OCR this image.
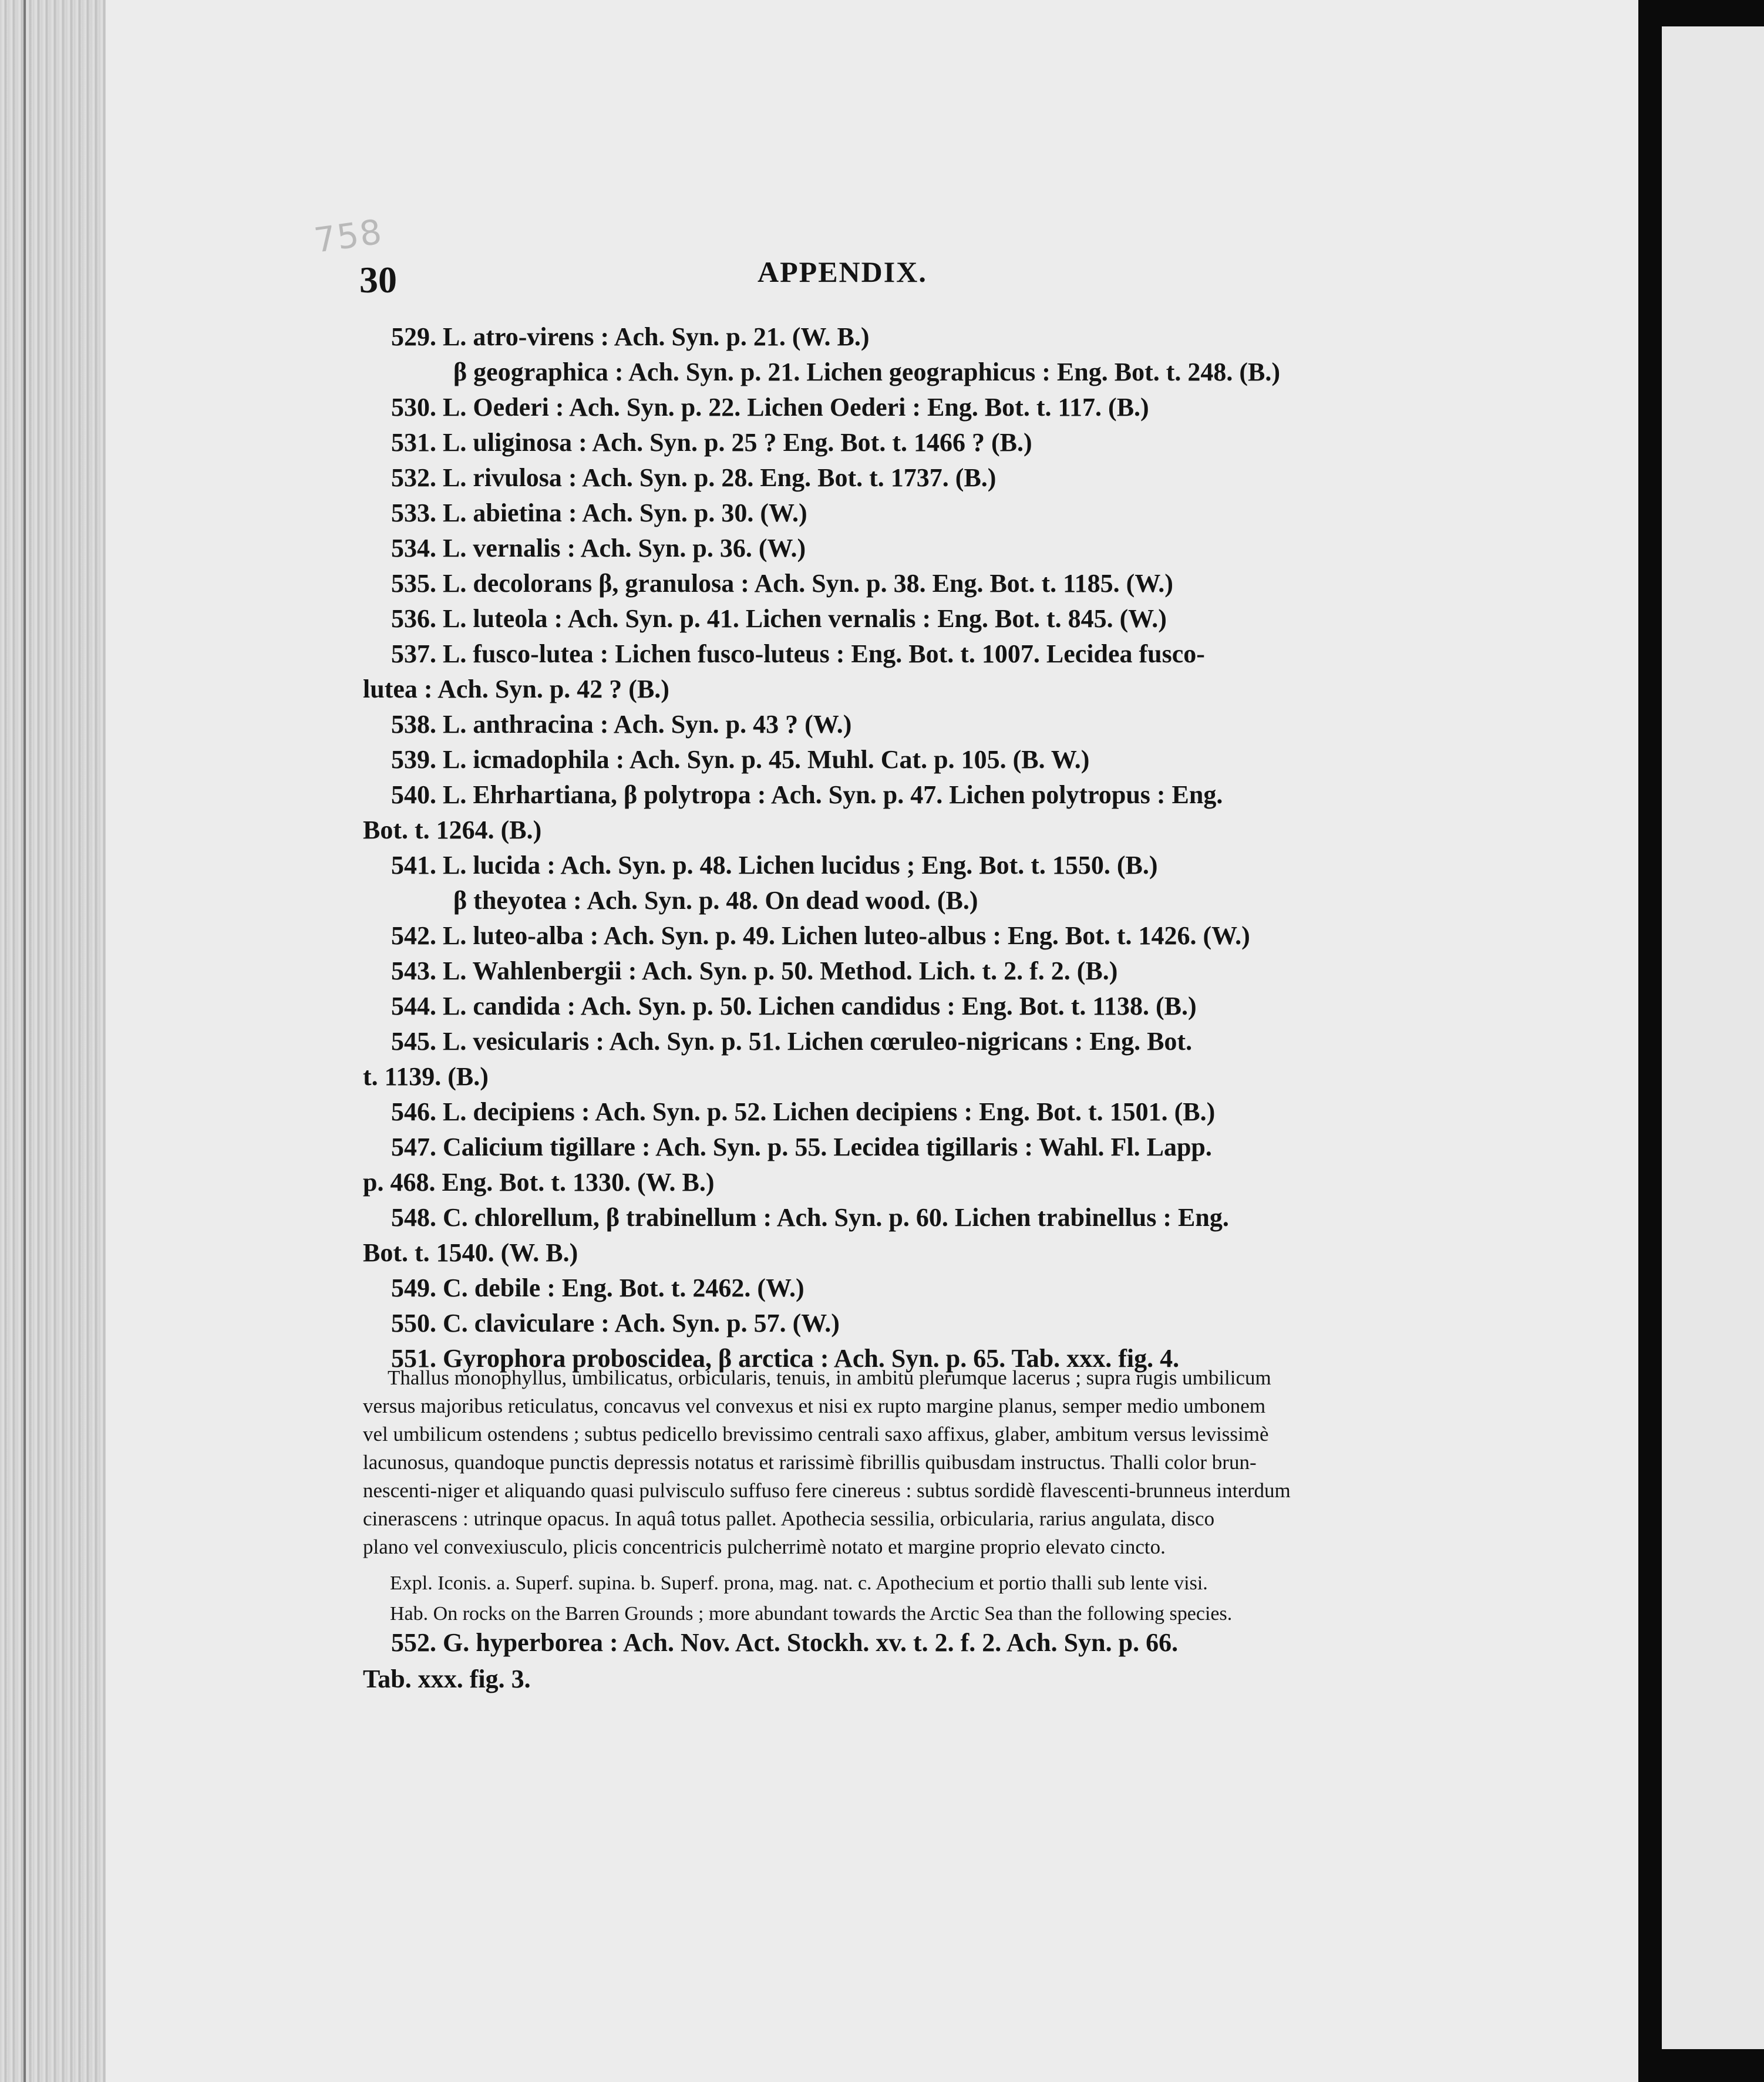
758
30	APPENDIX.
529. L. atro-virens : Ach. Syn. p. 21. (W. B.)
β geographica : Ach. Syn. p. 21. Lichen geographicus : Eng. Bot. t. 248. (B.)
530. L. Oederi : Ach. Syn. p. 22. Lichen Oederi : Eng. Bot. t. 117. (B.)
531. L. uliginosa : Ach. Syn. p. 25 ? Eng. Bot. t. 1466 ? (B.)
532. L. rivulosa : Ach. Syn. p. 28. Eng. Bot. t. 1737. (B.)
533. L. abietina : Ach. Syn. p. 30. (W.)
534. L. vernalis : Ach. Syn. p. 36. (W.)
535. L. decolorans β, granulosa : Ach. Syn. p. 38. Eng. Bot. t. 1185. (W.)
536. L. luteola : Ach. Syn. p. 41. Lichen vernalis : Eng. Bot. t. 845. (W.)
537. L. fusco-lutea : Lichen fusco-luteus : Eng. Bot. t. 1007. Lecidea fusco-
lutea : Ach. Syn. p. 42 ? (B.)
538. L. anthracina : Ach. Syn. p. 43 ? (W.)
539. L. icmadophila : Ach. Syn. p. 45. Muhl. Cat. p. 105. (B. W.)
540. L. Ehrhartiana, β polytropa : Ach. Syn. p. 47. Lichen polytropus : Eng.
Bot. t. 1264. (B.)
541. L. lucida : Ach. Syn. p. 48. Lichen lucidus ; Eng. Bot. t. 1550. (B.)
β theyotea : Ach. Syn. p. 48. On dead wood. (B.)
542. L. luteo-alba : Ach. Syn. p. 49. Lichen luteo-albus : Eng. Bot. t. 1426. (W.)
543. L. Wahlenbergii : Ach. Syn. p. 50. Method. Lich. t. 2. f. 2. (B.)
544. L. candida : Ach. Syn. p. 50. Lichen candidus : Eng. Bot. t. 1138. (B.)
545. L. vesicularis : Ach. Syn. p. 51. Lichen cœruleo-nigricans : Eng. Bot.
t. 1139. (B.)
546. L. decipiens : Ach. Syn. p. 52. Lichen decipiens : Eng. Bot. t. 1501. (B.)
547. Calicium tigillare : Ach. Syn. p. 55. Lecidea tigillaris : Wahl. Fl. Lapp.
p. 468. Eng. Bot. t. 1330. (W. B.)
548. C. chlorellum, β trabinellum : Ach. Syn. p. 60. Lichen trabinellus : Eng.
Bot. t. 1540. (W. B.)
549. C. debile : Eng. Bot. t. 2462. (W.)
550. C. claviculare : Ach. Syn. p. 57. (W.)
551. Gyrophora proboscidea, β arctica : Ach. Syn. p. 65. Tab. xxx. fig. 4.
Thallus monophyllus, umbilicatus, orbicularis, tenuis, in ambitu plerumque lacerus ; supra rugis umbilicum
versus majoribus reticulatus, concavus vel convexus et nisi ex rupto margine planus, semper medio umbonem
vel umbilicum ostendens ; subtus pedicello brevissimo centrali saxo affixus, glaber, ambitum versus levissimè
lacunosus, quandoque punctis depressis notatus et rarissimè fibrillis quibusdam instructus. Thalli color brun-
nescenti-niger et aliquando quasi pulvisculo suffuso fere cinereus : subtus sordidè flavescenti-brunneus interdum
cinerascens : utrinque opacus. In aquâ totus pallet. Apothecia sessilia, orbicularia, rarius angulata, disco
plano vel convexiusculo, plicis concentricis pulcherrimè notato et margine proprio elevato cincto.
Expl. Iconis. a. Superf. supina. b. Superf. prona, mag. nat. c. Apothecium et portio thalli sub lente visi.
Hab. On rocks on the Barren Grounds ; more abundant towards the Arctic Sea than the following species.
552. G. hyperborea : Ach. Nov. Act. Stockh. xv. t. 2. f. 2. Ach. Syn. p. 66.
Tab. xxx. fig. 3.
